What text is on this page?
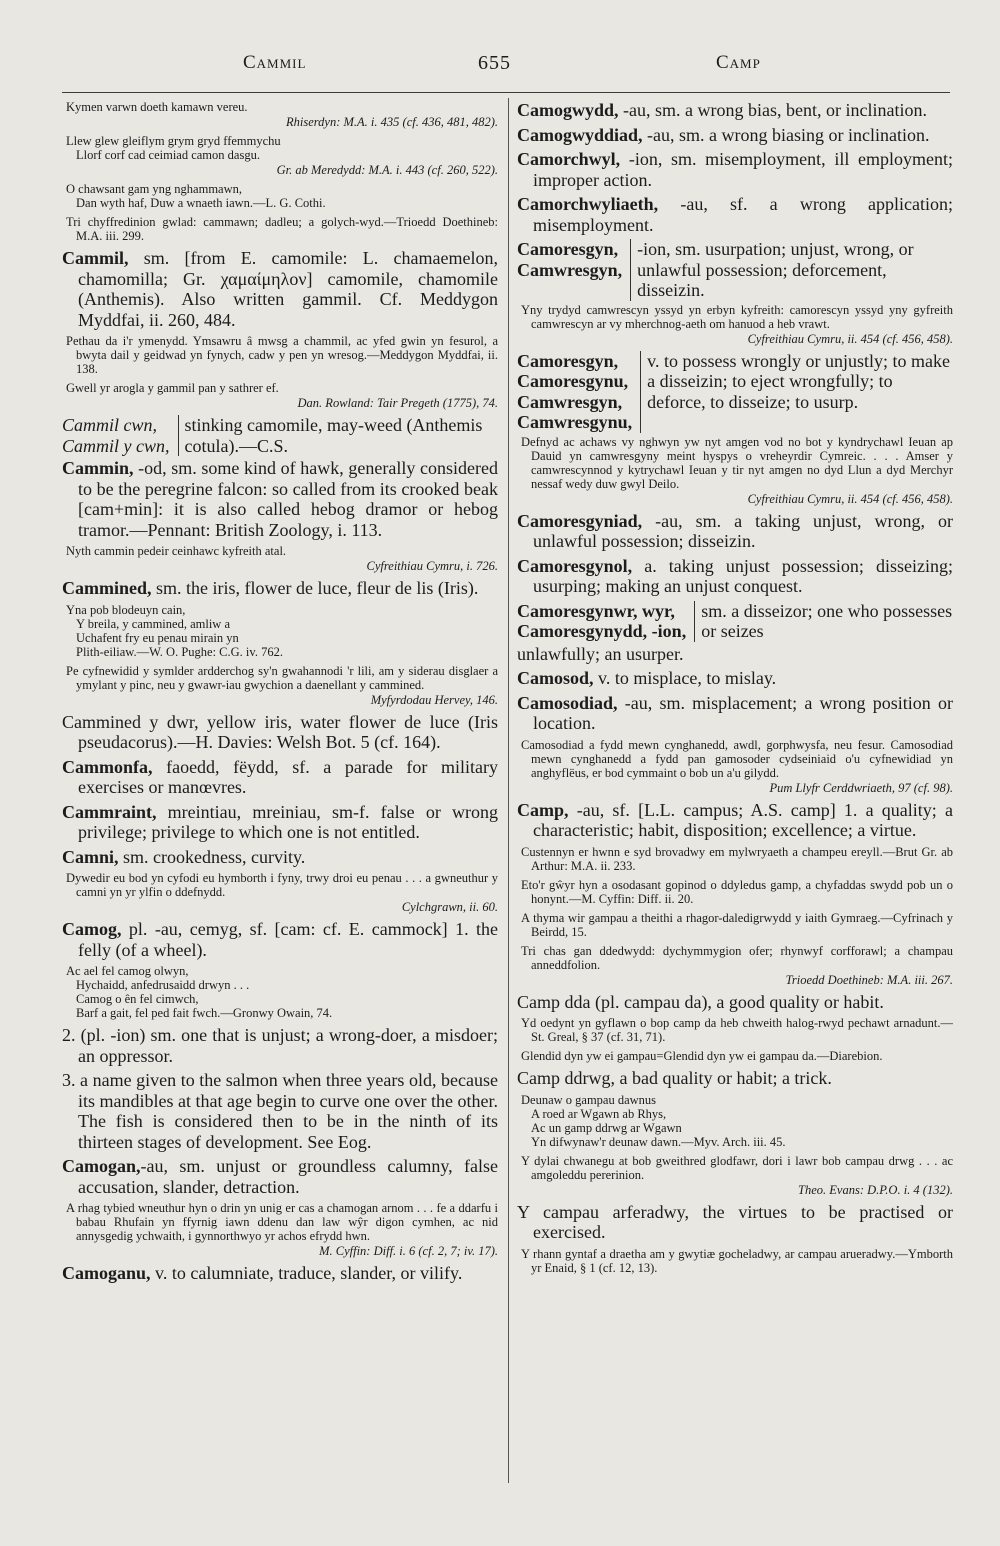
Cammil	655	Camp

Kymen varwn doeth kamawn vereu.

Rhiserdyn: M.A. i. 435 (cf. 436, 481, 482).

Llew glew gleiflym grym gryd ffemmychu
Llorf corf cad ceimiad camon dasgu.

Gr. ab Meredydd: M.A. i. 443 (cf. 260, 522).

O chawsant gam yng nghammawn,
Dan wyth haf, Duw a wnaeth iawn.—L. G. Cothi.

Tri chyffredinion gwlad: cammawn; dadleu; a golych-wyd.—Trioedd Doethineb: M.A. iii. 299.

Cammil, sm. [from E. camomile: L. chamaemelon, chamomilla; Gr. χαμαίμηλον] camomile, chamomile (Anthemis). Also written gammil. Cf. Meddygon Myddfai, ii. 260, 484.

Pethau da i'r ymenydd. Ymsawru â mwsg a chammil, ac yfed gwin yn fesurol, a bwyta dail y geidwad yn fynych, cadw y pen yn wresog.—Meddygon Myddfai, ii. 138.

Gwell yr arogla y gammil pan y sathrer ef.

Dan. Rowland: Tair Pregeth (1775), 74.

Cammil cwn,
Cammil y cwn,
stinking camomile, may-weed (Anthemis cotula).—C.S.

Cammin, -od, sm. some kind of hawk, generally considered to be the peregrine falcon: so called from its crooked beak [cam+min]: it is also called hebog dramor or hebog tramor.—Pennant: British Zoology, i. 113.

Nyth cammin pedeir ceinhawc kyfreith atal.

Cyfreithiau Cymru, i. 726.

Cammined, sm. the iris, flower de luce, fleur de lis (Iris).

Yna pob blodeuyn cain,
Y breila, y cammined, amliw a
Uchafent fry eu penau mirain yn
Plith-eiliaw.—W. O. Pughe: C.G. iv. 762.

Pe cyfnewidid y symlder ardderchog sy'n gwahannodi 'r lili, am y siderau disglaer a ymylant y pinc, neu y gwawr-iau gwychion a daenellant y cammined.

Myfyrdodau Hervey, 146.

Cammined y dwr, yellow iris, water flower de luce (Iris pseudacorus).—H. Davies: Welsh Bot. 5 (cf. 164).

Cammonfa, faoedd, fëydd, sf. a parade for military exercises or manœvres.

Cammraint, mreintiau, mreiniau, sm-f. false or wrong privilege; privilege to which one is not entitled.

Camni, sm. crookedness, curvity.

Dywedir eu bod yn cyfodi eu hymborth i fyny, trwy droi eu penau . . . a gwneuthur y camni yn yr ylfin o ddefnydd.

Cylchgrawn, ii. 60.

Camog, pl. -au, cemyg, sf. [cam: cf. E. cammock] 1. the felly (of a wheel).

Ac ael fel camog olwyn,
Hychaidd, anfedrusaidd drwyn . . .
Camog o ên fel cimwch,
Barf a gait, fel ped fait fwch.—Gronwy Owain, 74.

2. (pl. -ion) sm. one that is unjust; a wrong-doer, a misdoer; an oppressor.

3. a name given to the salmon when three years old, because its mandibles at that age begin to curve one over the other. The fish is considered then to be in the ninth of its thirteen stages of development. See Eog.

Camogan,-au, sm. unjust or groundless calumny, false accusation, slander, detraction.

A rhag tybied wneuthur hyn o drin yn unig er cas a chamogan arnom . . . fe a ddarfu i babau Rhufain yn ffyrnig iawn ddenu dan law wŷr digon cymhen, ac nid annysgedig ychwaith, i gynnorthwyo yr achos efrydd hwn.

M. Cyffin: Diff. i. 6 (cf. 2, 7; iv. 17).

Camoganu, v. to calumniate, traduce, slander, or vilify.

Camogwydd, -au, sm. a wrong bias, bent, or inclination.

Camogwyddiad, -au, sm. a wrong biasing or inclination.

Camorchwyl, -ion, sm. misemployment, ill employment; improper action.

Camorchwyliaeth, -au, sf. a wrong application; misemployment.

Camoresgyn,
Camwresgyn,
-ion, sm. usurpation; unjust, wrong, or unlawful possession; deforcement, disseizin.

Yny trydyd camwrescyn yssyd yn erbyn kyfreith: camorescyn yssyd yny gyfreith camwrescyn ar vy mherchnog-aeth om hanuod a heb vrawt.

Cyfreithiau Cymru, ii. 454 (cf. 456, 458).

Camoresgyn,
Camoresgynu,
Camwresgyn,
Camwresgynu,
v. to possess wrongly or unjustly; to make a disseizin; to eject wrongfully; to deforce, to disseize; to usurp.

Defnyd ac achaws vy nghwyn yw nyt amgen vod no bot y kyndrychawl Ieuan ap Dauid yn camwresgyny meint hyspys o vreheyrdir Cymreic. . . . Amser y camwrescynnod y kytrychawl Ieuan y tir nyt amgen no dyd Llun a dyd Merchyr nessaf wedy duw gwyl Deilo.

Cyfreithiau Cymru, ii. 454 (cf. 456, 458).

Camoresgyniad, -au, sm. a taking unjust, wrong, or unlawful possession; disseizin.

Camoresgynol, a. taking unjust possession; disseizing; usurping; making an unjust conquest.

Camoresgynwr, wyr,
Camoresgynydd, -ion,
sm. a disseizor; one who possesses or seizes

unlawfully; an usurper.

Camosod, v. to misplace, to mislay.

Camosodiad, -au, sm. misplacement; a wrong position or location.

Camosodiad a fydd mewn cynghanedd, awdl, gorphwysfa, neu fesur. Camosodiad mewn cynghanedd a fydd pan gamosoder cydseiniaid o'u cyfnewidiad yn anghyflëus, er bod cymmaint o bob un a'u gilydd.

Pum Llyfr Cerddwriaeth, 97 (cf. 98).

Camp, -au, sf. [L.L. campus; A.S. camp] 1. a quality; a characteristic; habit, disposition; excellence; a virtue.

Custennyn er hwnn e syd brovadwy em mylwryaeth a champeu ereyll.—Brut Gr. ab Arthur: M.A. ii. 233.

Eto'r gŵyr hyn a osodasant gopinod o ddyledus gamp, a chyfaddas swydd pob un o honynt.—M. Cyffin: Diff. ii. 20.

A thyma wir gampau a theithi a rhagor-daledigrwydd y iaith Gymraeg.—Cyfrinach y Beirdd, 15.

Tri chas gan ddedwydd: dychymmygion ofer; rhynwyf corfforawl; a champau anneddfolion.

Trioedd Doethineb: M.A. iii. 267.

Camp dda (pl. campau da), a good quality or habit.

Yd oedynt yn gyflawn o bop camp da heb chweith halog-rwyd pechawt arnadunt.—St. Greal, § 37 (cf. 31, 71).

Glendid dyn yw ei gampau=Glendid dyn yw ei gampau da.—Diarebion.

Camp ddrwg, a bad quality or habit; a trick.

Deunaw o gampau dawnus
A roed ar Wgawn ab Rhys,
Ac un gamp ddrwg ar Wgawn
Yn difwynaw'r deunaw dawn.—Myv. Arch. iii. 45.

Y dylai chwanegu at bob gweithred glodfawr, dori i lawr bob campau drwg . . . ac amgoleddu pererinion.

Theo. Evans: D.P.O. i. 4 (132).

Y campau arferadwy, the virtues to be practised or exercised.

Y rhann gyntaf a draetha am y gwytiæ gocheladwy, ar campau arueradwy.—Ymborth yr Enaid, § 1 (cf. 12, 13).
